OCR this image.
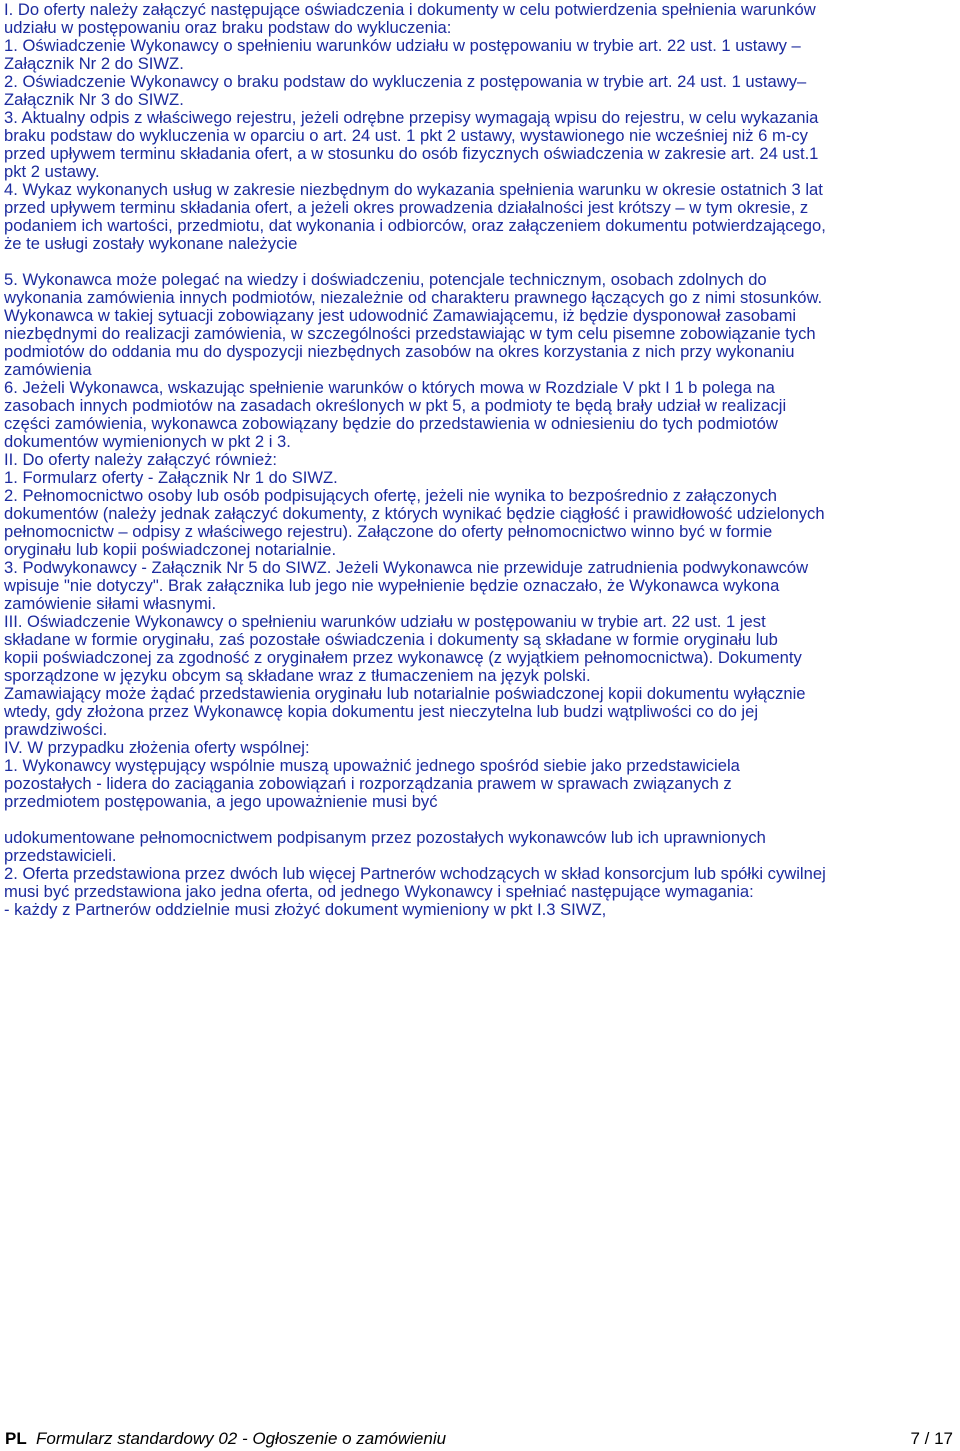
I. Do oferty należy załączyć następujące oświadczenia i dokumenty w celu potwierdzenia spełnienia warunków
udziału w postępowaniu oraz braku podstaw do wykluczenia:
1. Oświadczenie Wykonawcy o spełnieniu warunków udziału w postępowaniu w trybie art. 22 ust. 1 ustawy –
Załącznik Nr 2 do SIWZ.
2. Oświadczenie Wykonawcy o braku podstaw do wykluczenia z postępowania w trybie art. 24 ust. 1 ustawy–
Załącznik Nr 3 do SIWZ.
3. Aktualny odpis z właściwego rejestru, jeżeli odrębne przepisy wymagają wpisu do rejestru, w celu wykazania
braku podstaw do wykluczenia w oparciu o art. 24 ust. 1 pkt 2 ustawy, wystawionego nie wcześniej niż 6 m-cy
przed upływem terminu składania ofert, a w stosunku do osób fizycznych oświadczenia w zakresie art. 24 ust.1
pkt 2 ustawy.
4. Wykaz wykonanych usług w zakresie niezbędnym do wykazania spełnienia warunku w okresie ostatnich 3 lat
przed upływem terminu składania ofert, a jeżeli okres prowadzenia działalności jest krótszy – w tym okresie, z
podaniem ich wartości, przedmiotu, dat wykonania i odbiorców, oraz załączeniem dokumentu potwierdzającego,
że te usługi zostały wykonane należycie
5. Wykonawca może polegać na wiedzy i doświadczeniu, potencjale technicznym, osobach zdolnych do
wykonania zamówienia innych podmiotów, niezależnie od charakteru prawnego łączących go z nimi stosunków.
Wykonawca w takiej sytuacji zobowiązany jest udowodnić Zamawiającemu, iż będzie dysponował zasobami
niezbędnymi do realizacji zamówienia, w szczególności przedstawiając w tym celu pisemne zobowiązanie tych
podmiotów do oddania mu do dyspozycji niezbędnych zasobów na okres korzystania z nich przy wykonaniu
zamówienia
6. Jeżeli Wykonawca, wskazując spełnienie warunków o których mowa w Rozdziale V pkt I 1 b polega na
zasobach innych podmiotów na zasadach określonych w pkt 5, a podmioty te będą brały udział w realizacji
części zamówienia, wykonawca zobowiązany będzie do przedstawienia w odniesieniu do tych podmiotów
dokumentów wymienionych w pkt 2 i 3.
II. Do oferty należy załączyć również:
1. Formularz oferty - Załącznik Nr 1 do SIWZ.
2. Pełnomocnictwo osoby lub osób podpisujących ofertę, jeżeli nie wynika to bezpośrednio z załączonych
dokumentów (należy jednak załączyć dokumenty, z których wynikać będzie ciągłość i prawidłowość udzielonych
pełnomocnictw – odpisy z właściwego rejestru). Załączone do oferty pełnomocnictwo winno być w formie
oryginału lub kopii poświadczonej notarialnie.
3. Podwykonawcy - Załącznik Nr 5 do SIWZ. Jeżeli Wykonawca nie przewiduje zatrudnienia podwykonawców
wpisuje "nie dotyczy". Brak załącznika lub jego nie wypełnienie będzie oznaczało, że Wykonawca wykona
zamówienie siłami własnymi.
III. Oświadczenie Wykonawcy o spełnieniu warunków udziału w postępowaniu w trybie art. 22 ust. 1 jest
składane w formie oryginału, zaś pozostałe oświadczenia i dokumenty są składane w formie oryginału lub
kopii poświadczonej za zgodność z oryginałem przez wykonawcę (z wyjątkiem pełnomocnictwa). Dokumenty
sporządzone w języku obcym są składane wraz z tłumaczeniem na język polski.
Zamawiający może żądać przedstawienia oryginału lub notarialnie poświadczonej kopii dokumentu wyłącznie
wtedy, gdy złożona przez Wykonawcę kopia dokumentu jest nieczytelna lub budzi wątpliwości co do jej
prawdziwości.
IV. W przypadku złożenia oferty wspólnej:
1. Wykonawcy występujący wspólnie muszą upoważnić jednego spośród siebie jako przedstawiciela
pozostałych - lidera do zaciągania zobowiązań i rozporządzania prawem w sprawach związanych z
przedmiotem postępowania, a jego upoważnienie musi być
udokumentowane pełnomocnictwem podpisanym przez pozostałych wykonawców lub ich uprawnionych
przedstawicieli.
2. Oferta przedstawiona przez dwóch lub więcej Partnerów wchodzących w skład konsorcjum lub spółki cywilnej
musi być przedstawiona jako jedna oferta, od jednego Wykonawcy i spełniać następujące wymagania:
- każdy z Partnerów oddzielnie musi złożyć dokument wymieniony w pkt I.3 SIWZ,
PL Formularz standardowy 02 - Ogłoszenie o zamówieniu	7 / 17
